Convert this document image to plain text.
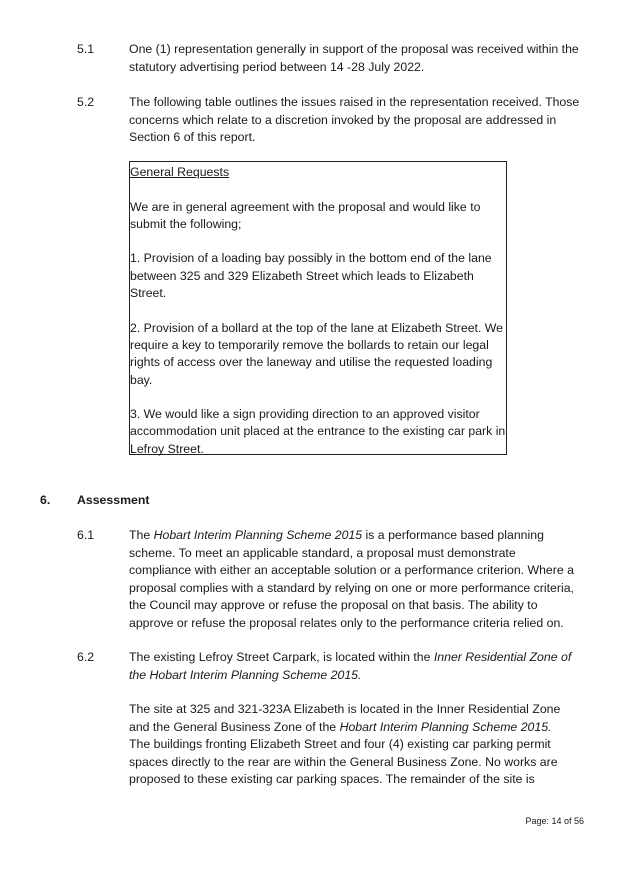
5.1	One (1) representation generally in support of the proposal was received within the
statutory advertising period between 14 -28 July 2022.
5.2	The following table outlines the issues raised in the representation received. Those
concerns which relate to a discretion invoked by the proposal are addressed in
Section 6 of this report.
General Requests
We are in general agreement with the proposal and would like to
submit the following;
1. Provision of a loading bay possibly in the bottom end of the lane
between 325 and 329 Elizabeth Street which leads to Elizabeth
Street.
2. Provision of a bollard at the top of the lane at Elizabeth Street. We
require a key to temporarily remove the bollards to retain our legal
rights of access over the laneway and utilise the requested loading
bay.
3. We would like a sign providing direction to an approved visitor
accommodation unit placed at the entrance to the existing car park in
Lefroy Street.
6. Assessment
6.1	The Hobart Interim Planning Scheme 2015 is a performance based planning
scheme. To meet an applicable standard, a proposal must demonstrate
compliance with either an acceptable solution or a performance criterion. Where a
proposal complies with a standard by relying on one or more performance criteria,
the Council may approve or refuse the proposal on that basis. The ability to
approve or refuse the proposal relates only to the performance criteria relied on.
6.2	The existing Lefroy Street Carpark, is located within the Inner Residential Zone of
the Hobart Interim Planning Scheme 2015.
The site at 325 and 321-323A Elizabeth is located in the Inner Residential Zone
and the General Business Zone of the Hobart Interim Planning Scheme 2015.
The buildings fronting Elizabeth Street and four (4) existing car parking permit
spaces directly to the rear are within the General Business Zone. No works are
proposed to these existing car parking spaces. The remainder of the site is
Page: 14 of 56
